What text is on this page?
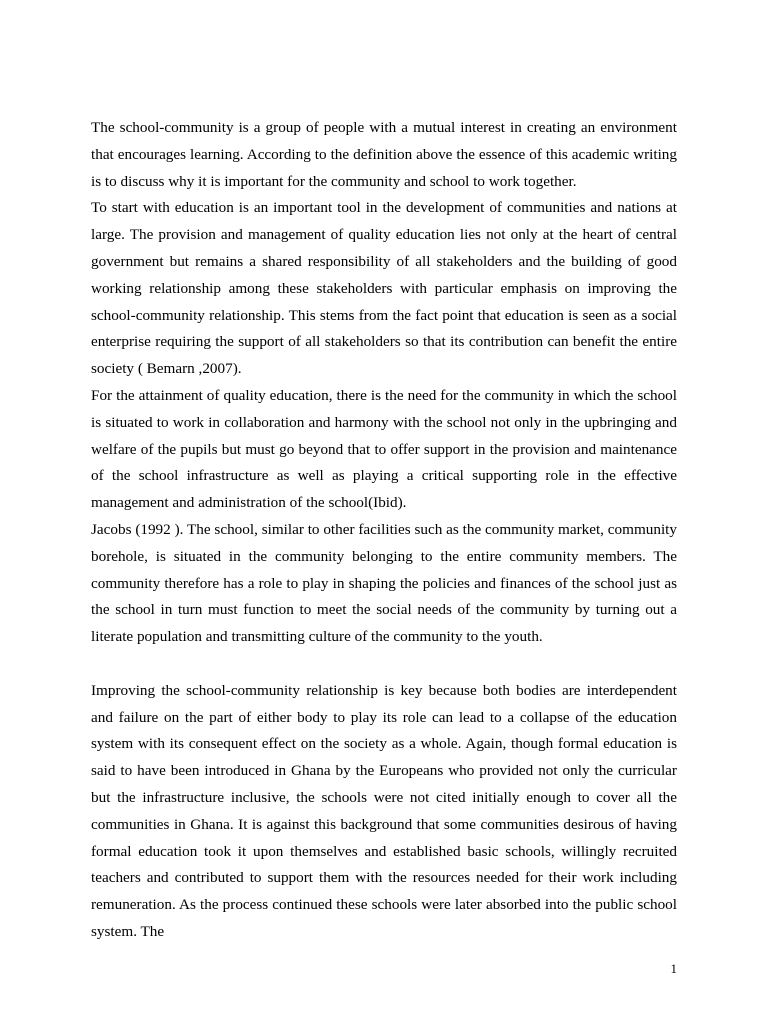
The school-community is a group of people with a mutual interest in creating an environment that encourages learning. According to the definition above the essence of this academic writing is to discuss why it is important for the community and school to work together.

To start with education is an important tool in the development of communities and nations at large. The provision and management of quality education lies not only at the heart of central government but remains a shared responsibility of all stakeholders and the building of good working relationship among these stakeholders with particular emphasis on improving the school-community relationship. This stems from the fact point that education is seen as a social enterprise requiring the support of all stakeholders so that its contribution can benefit the entire society ( Bemarn ,2007).

For the attainment of quality education, there is the need for the community in which the school is situated to work in collaboration and harmony with the school not only in the upbringing and welfare of the pupils but must go beyond that to offer support in the provision and maintenance of the school infrastructure as well as playing a critical supporting role in the effective management and administration of the school(Ibid).

Jacobs (1992 ). The school, similar to other facilities such as the community market, community borehole, is situated in the community belonging to the entire community members. The community therefore has a role to play in shaping the policies and finances of the school just as the school in turn must function to meet the social needs of the community by turning out a literate population and transmitting culture of the community to the youth.

Improving the school-community relationship is key because both bodies are interdependent and failure on the part of either body to play its role can lead to a collapse of the education system with its consequent effect on the society as a whole. Again, though formal education is said to have been introduced in Ghana by the Europeans who provided not only the curricular but the infrastructure inclusive, the schools were not cited initially enough to cover all the communities in Ghana. It is against this background that some communities desirous of having formal education took it upon themselves and established basic schools, willingly recruited teachers and contributed to support them with the resources needed for their work including remuneration. As the process continued these schools were later absorbed into the public school system. The

1
